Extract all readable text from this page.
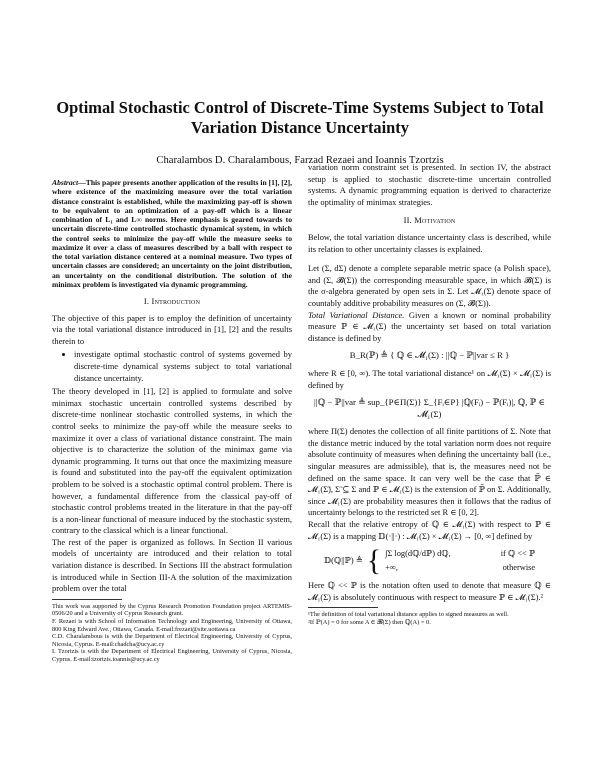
Optimal Stochastic Control of Discrete-Time Systems Subject to Total Variation Distance Uncertainty
Charalambos D. Charalambous, Farzad Rezaei and Ioannis Tzortzis
Abstract—This paper presents another application of the results in [1], [2], where existence of the maximizing measure over the total variation distance constraint is established, while the maximizing pay-off is shown to be equivalent to an optimization of a pay-off which is a linear combination of L₁ and L∞ norms. Here emphasis is geared towards to uncertain discrete-time controlled stochastic dynamical system, in which the control seeks to minimize the pay-off while the measure seeks to maximize it over a class of measures described by a ball with respect to the total variation distance centered at a nominal measure. Two types of uncertain classes are considered; an uncertainty on the joint distribution, an uncertainty on the conditional distribution. The solution of the minimax problem is investigated via dynamic programming.
I. Introduction

The objective of this paper is to employ the definition of uncertainty via the total variational distance introduced in [1], [2] and the results therein to

• investigate optimal stochastic control of systems governed by discrete-time dynamical systems subject to total variational distance uncertainty.

The theory developed in [1], [2] is applied to formulate and solve minimax stochastic uncertain controlled systems described by discrete-time nonlinear stochastic controlled systems, in which the control seeks to minimize the pay-off while the measure seeks to maximize it over a class of variational distance constraint. The main objective is to characterize the solution of the minimax game via dynamic programming. It turns out that once the maximizing measure is found and substituted into the pay-off the equivalent optimization problem to be solved is a stochastic optimal control problem. There is however, a fundamental difference from the classical pay-off of stochastic control problems treated in the literature in that the pay-off is a non-linear functional of measure induced by the stochastic system, contrary to the classical which is a linear functional.

The rest of the paper is organized as follows. In Section II various models of uncertainty are introduced and their relation to total variation distance is described. In Sections III the abstract formulation is introduced while in Section III-A the solution of the maximization problem over the total

This work was supported by the Cyprus Research Promotion Foundation project ARTEMIS-0506/20 and a University of Cyprus Research grant.

F. Rezaei is with School of Information Technology and Engineering, University of Ottawa, 800 King Edward Ave., Ottawa, Canada. E-mail:frezaei@site.uottawa.ca

C.D. Charalambous is with the Department of Electrical Engineering, University of Cyprus, Nicosia, Cyprus. E-mail:chadcha@ucy.ac.cy

I. Tzortzis is with the Department of Electrical Engineering, University of Cyprus, Nicosia, Cyprus. E-mail:tzortzis.ioannis@ucy.ac.cy

variation norm constraint set is presented. In section IV, the abstract setup is applied to stochastic discrete-time uncertain controlled systems. A dynamic programming equation is derived to characterize the optimality of minimax strategies.

II. Motivation

Below, the total variation distance uncertainty class is described, while its relation to other uncertainty classes is explained.

Let (Σ, dΣ) denote a complete separable metric space (a Polish space), and (Σ, 𝓑(Σ)) the corresponding measurable space, in which 𝓑(Σ) is the σ-algebra generated by open sets in Σ. Let 𝓜₁(Σ) denote space of countably additive probability measures on (Σ, 𝓑(Σ)).

Total Variational Distance. Given a known or nominal probability measure ℙ ∈ 𝓜₁(Σ) the uncertainty set based on total variation distance is defined by

B_R(ℙ) ≜ { ℚ ∈ 𝓜₁(Σ) : ||ℚ − ℙ||var ≤ R }

where R ∈ [0, ∞). The total variational distance¹ on 𝓜₁(Σ) × 𝓜₁(Σ) is defined by

||ℚ − ℙ||var ≜ sup_{P∈Π(Σ)} Σ_{Fᵢ∈P} |ℚ(Fᵢ) − ℙ(Fᵢ)|, ℚ, ℙ ∈ 𝓜₁(Σ)

where Π(Σ) denotes the collection of all finite partitions of Σ. Note that the distance metric induced by the total variation norm does not require absolute continuity of measures when defining the uncertainty ball (i.e., singular measures are admissible), that is, the measures need not be defined on the same space. It can very well be the case that ℙ̃ ∈ 𝓜₁(Σ̃), Σ̃ ⊆ Σ and ℙ ∈ 𝓜₁(Σ) is the extension of ℙ̃ on Σ. Additionally, since 𝓜₁(Σ) are probability measures then it follows that the radius of uncertainty belongs to the restricted set R ∈ [0, 2].

Recall that the relative entropy of ℚ ∈ 𝓜₁(Σ) with respect to ℙ ∈ 𝓜₁(Σ) is a mapping 𝔻(·||·) : 𝓜₁(Σ) × 𝓜₁(Σ) → [0, ∞] defined by

𝔻(ℚ||ℙ) ≜ { ∫Σ log(dℚ/dℙ) dℚ,	if ℚ << ℙ
+∞,	otherwise

Here ℚ << ℙ is the notation often used to denote that measure ℚ ∈ 𝓜₁(Σ) is absolutely continuous with respect to measure ℙ ∈ 𝓜₁(Σ).²

¹The definition of total variational distance applies to signed measures as well.

²If ℙ(A) = 0 for some A ∈ 𝓑(Σ) then ℚ(A) = 0.
